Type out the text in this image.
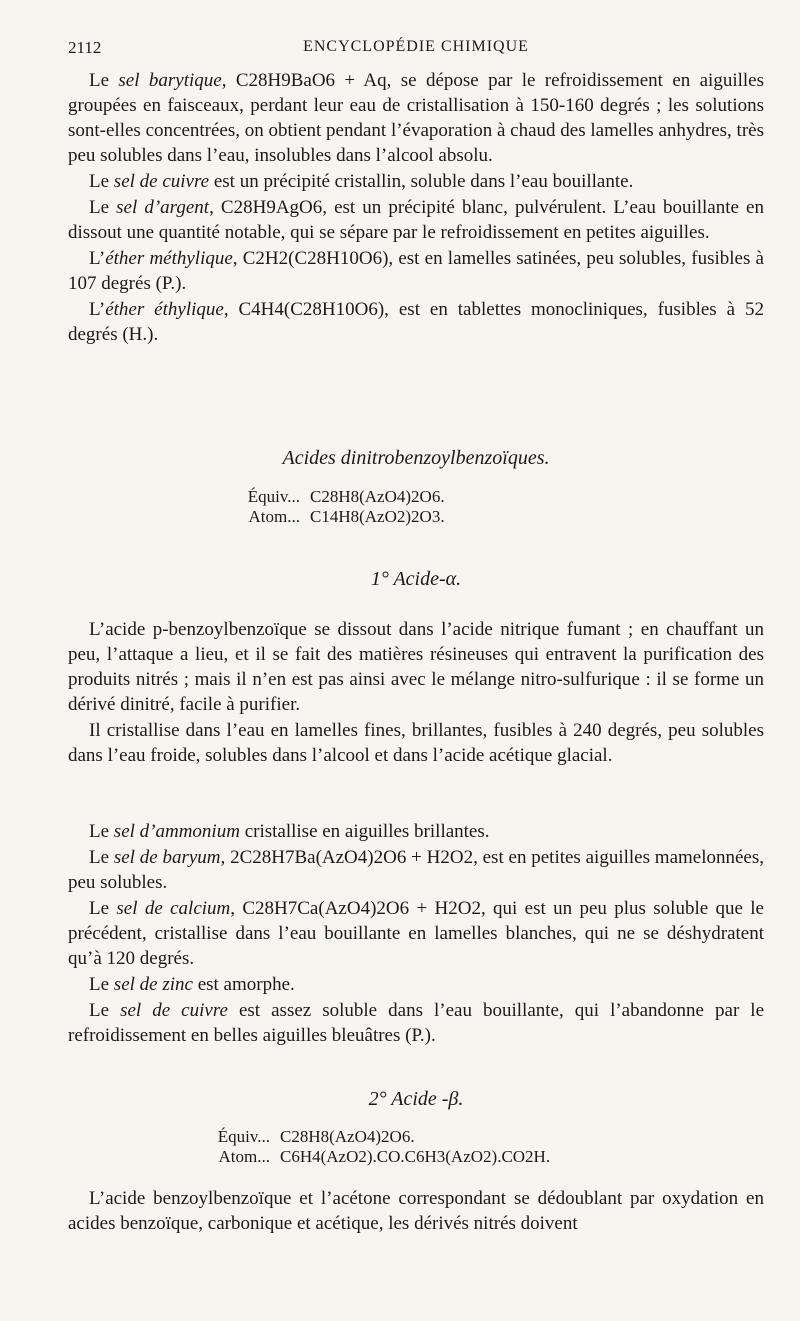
2112	ENCYCLOPÉDIE CHIMIQUE

Le sel barytique, C28H9BaO6 + Aq, se dépose par le refroidissement en aiguilles groupées en faisceaux, perdant leur eau de cristallisation à 150-160 degrés ; les solutions sont-elles concentrées, on obtient pendant l’évaporation à chaud des lamelles anhydres, très peu solubles dans l’eau, insolubles dans l’alcool absolu.

Le sel de cuivre est un précipité cristallin, soluble dans l’eau bouillante.

Le sel d’argent, C28H9AgO6, est un précipité blanc, pulvérulent. L’eau bouillante en dissout une quantité notable, qui se sépare par le refroidissement en petites aiguilles.

L’éther méthylique, C2H2(C28H10O6), est en lamelles satinées, peu solubles, fusibles à 107 degrés (P.).

L’éther éthylique, C4H4(C28H10O6), est en tablettes monocliniques, fusibles à 52 degrés (H.).

Acides dinitrobenzoylbenzoïques.
Équiv... C28H8(AzO4)2O6.
Atom... C14H8(AzO2)2O3.
1° Acide-α.

L’acide p-benzoylbenzoïque se dissout dans l’acide nitrique fumant ; en chauffant un peu, l’attaque a lieu, et il se fait des matières résineuses qui entravent la purification des produits nitrés ; mais il n’en est pas ainsi avec le mélange nitro-sulfurique : il se forme un dérivé dinitré, facile à purifier.

Il cristallise dans l’eau en lamelles fines, brillantes, fusibles à 240 degrés, peu solubles dans l’eau froide, solubles dans l’alcool et dans l’acide acétique glacial.

Le sel d’ammonium cristallise en aiguilles brillantes.

Le sel de baryum, 2C28H7Ba(AzO4)2O6 + H2O2, est en petites aiguilles mamelonnées, peu solubles.

Le sel de calcium, C28H7Ca(AzO4)2O6 + H2O2, qui est un peu plus soluble que le précédent, cristallise dans l’eau bouillante en lamelles blanches, qui ne se déshydratent qu’à 120 degrés.

Le sel de zinc est amorphe.

Le sel de cuivre est assez soluble dans l’eau bouillante, qui l’abandonne par le refroidissement en belles aiguilles bleuâtres (P.).

2° Acide -β.
Équiv... C28H8(AzO4)2O6.
Atom... C6H4(AzO2).CO.C6H3(AzO2).CO2H.

L’acide benzoylbenzoïque et l’acétone correspondant se dédoublant par oxydation en acides benzoïque, carbonique et acétique, les dérivés nitrés doivent
